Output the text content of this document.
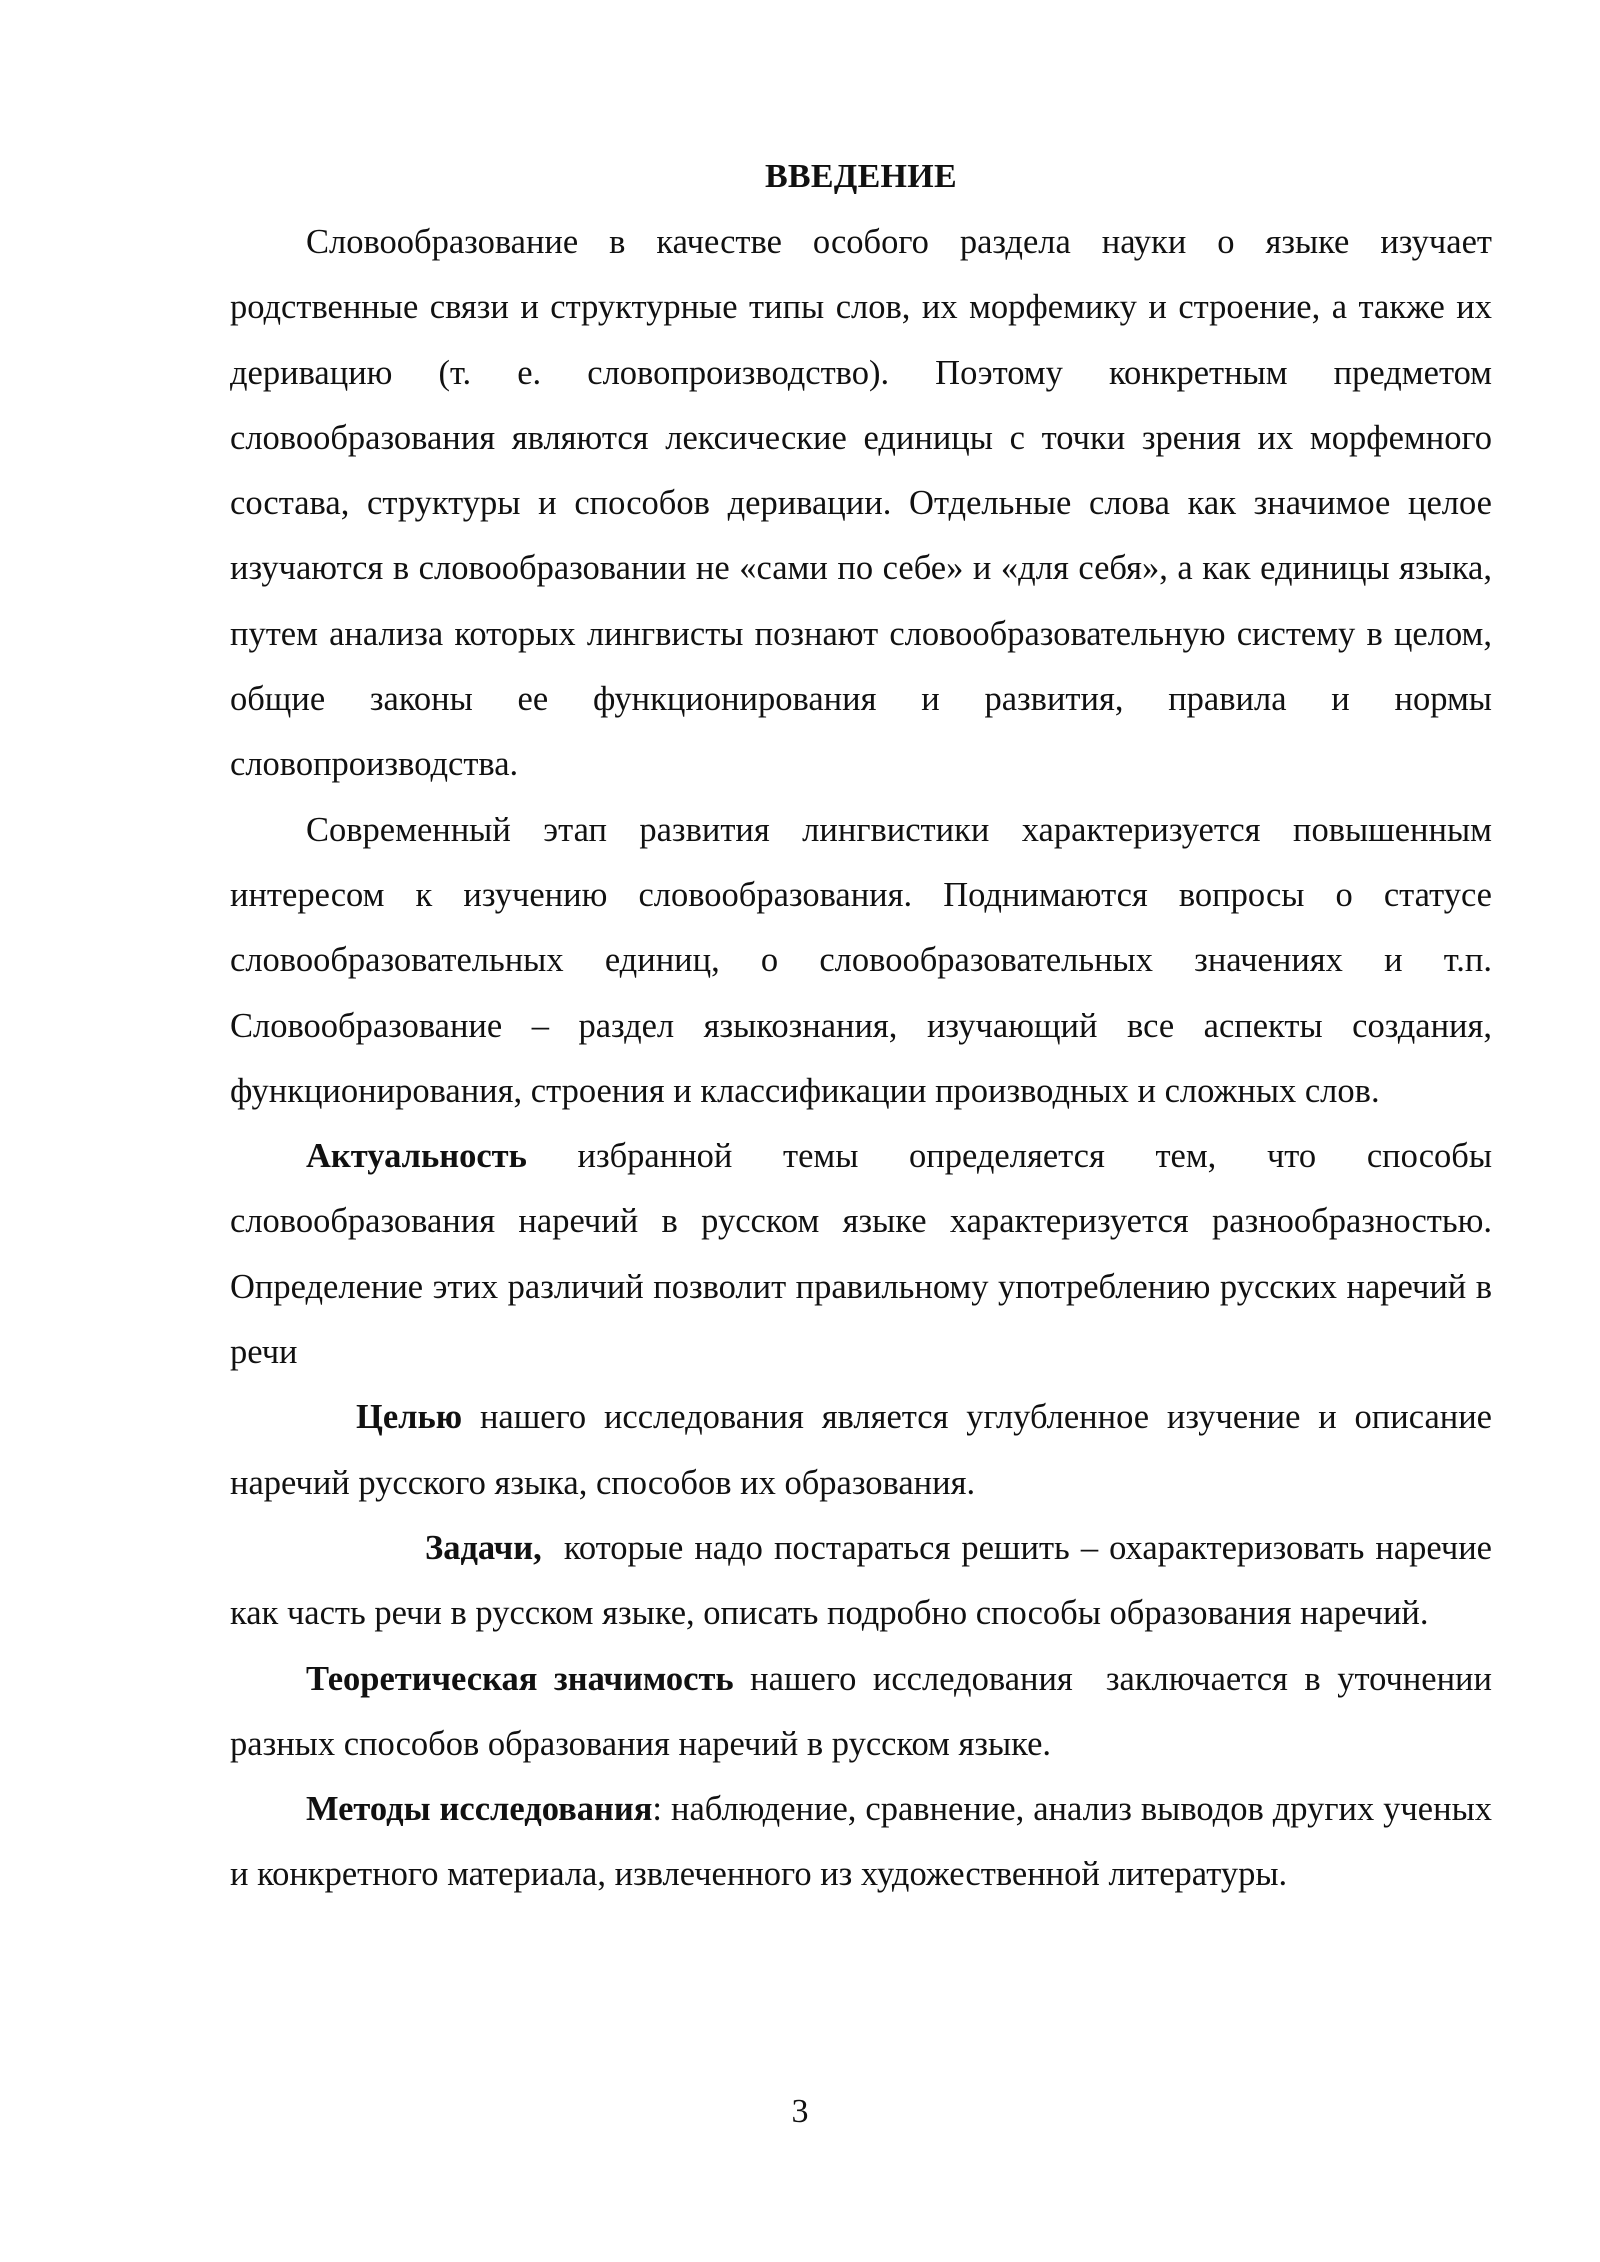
ВВЕДЕНИЕ

Словообразование в качестве особого раздела науки о языке изучает родственные связи и структурные типы слов, их морфемику и строение, а также их деривацию (т. е. словопроизводство). Поэтому конкретным предметом словообразования являются лексические единицы с точки зрения их морфемного состава, структуры и способов деривации. Отдельные слова как значимое целое изучаются в словообразовании не «сами по себе» и «для себя», а как единицы языка, путем анализа которых лингвисты познают словообразовательную систему в целом, общие законы ее функционирования и развития, правила и нормы словопроизводства.

Современный этап развития лингвистики характеризуется повышенным интересом к изучению словообразования. Поднимаются вопросы о статусе словообразовательных единиц, о словообразовательных значениях и т.п. Словообразование – раздел языкознания, изучающий все аспекты создания, функционирования, строения и классификации производных и сложных слов.

Актуальность избранной темы определяется тем, что способы словообразования наречий в русском языке характеризуется разнообразностью. Определение этих различий позволит правильному употреблению русских наречий в речи

Целью нашего исследования является углубленное изучение и описание наречий русского языка, способов их образования.

Задачи,  которые надо постараться решить – охарактеризовать наречие как часть речи в русском языке, описать подробно способы образования наречий.

Теоретическая значимость нашего исследования  заключается в уточнении разных способов образования наречий в русском языке.

Методы исследования: наблюдение, сравнение, анализ выводов других ученых и конкретного материала, извлеченного из художественной литературы.

3
